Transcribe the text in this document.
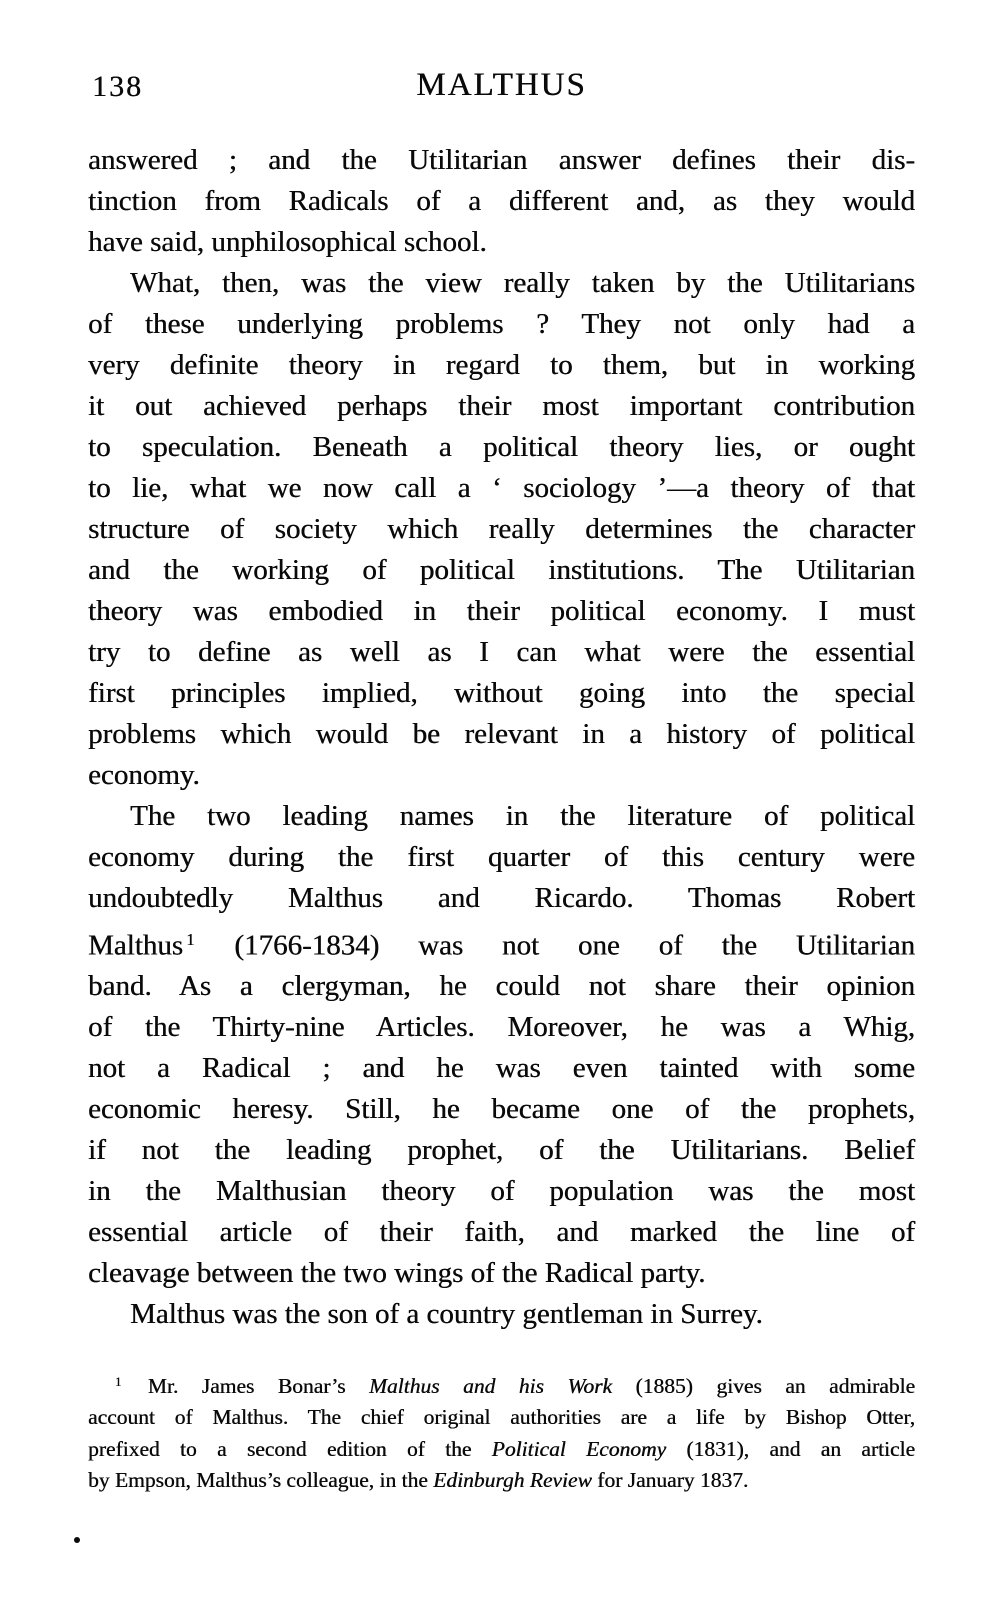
138	MALTHUS
answered ; and the Utilitarian answer defines their dis-
tinction from Radicals of a different and, as they would
have said, unphilosophical school.
What, then, was the view really taken by the Utilitarians
of these underlying problems ? They not only had a
very definite theory in regard to them, but in working
it out achieved perhaps their most important contribution
to speculation. Beneath a political theory lies, or ought
to lie, what we now call a ‘ sociology ’—a theory of that
structure of society which really determines the character
and the working of political institutions. The Utilitarian
theory was embodied in their political economy. I must
try to define as well as I can what were the essential
first principles implied, without going into the special
problems which would be relevant in a history of political
economy.
The two leading names in the literature of political
economy during the first quarter of this century were
undoubtedly Malthus and Ricardo. Thomas Robert
Malthus $^1$ (1766-1834) was not one of the Utilitarian
band. As a clergyman, he could not share their opinion
of the Thirty-nine Articles. Moreover, he was a Whig,
not a Radical ; and he was even tainted with some
economic heresy. Still, he became one of the prophets,
if not the leading prophet, of the Utilitarians. Belief
in the Malthusian theory of population was the most
essential article of their faith, and marked the line of
cleavage between the two wings of the Radical party.
Malthus was the son of a country gentleman in Surrey.
$^1$ Mr. James Bonar’s Malthus and his Work (1885) gives an admirable
account of Malthus. The chief original authorities are a life by Bishop Otter,
prefixed to a second edition of the Political Economy (1831), and an article
by Empson, Malthus’s colleague, in the Edinburgh Review for January 1837.
